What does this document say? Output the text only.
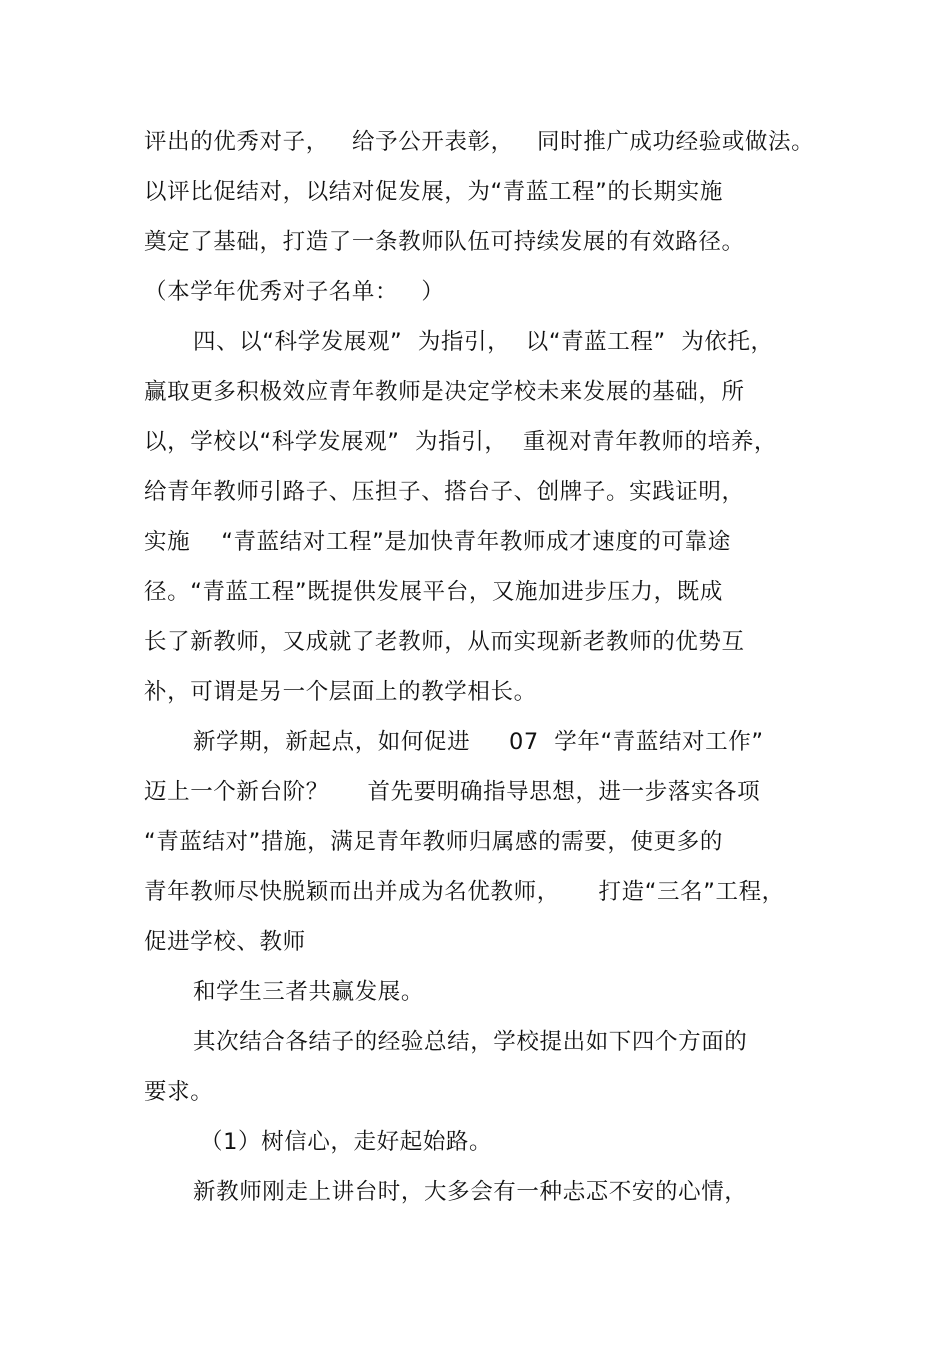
评出的优秀对子，   给予公开表彰，   同时推广成功经验或做法。
以评比促结对，以结对促发展，为“青蓝工程”的长期实施
奠定了基础，打造了一条教师队伍可持续发展的有效路径。
（本学年优秀对子名单：   ）
四、以“科学发展观”  为指引，  以“青蓝工程”  为依托，
赢取更多积极效应青年教师是决定学校未来发展的基础，所
以，学校以“科学发展观”  为指引，  重视对青年教师的培养，
给青年教师引路子、压担子、搭台子、创牌子。实践证明，
实施    “青蓝结对工程”是加快青年教师成才速度的可靠途
径。“青蓝工程”既提供发展平台，又施加进步压力，既成
长了新教师，又成就了老教师，从而实现新老教师的优势互
补，可谓是另一个层面上的教学相长。
新学期，新起点，如何促进     07  学年“青蓝结对工作”
迈上一个新台阶？     首先要明确指导思想，进一步落实各项
“青蓝结对”措施，满足青年教师归属感的需要，使更多的
青年教师尽快脱颖而出并成为名优教师，     打造“三名”工程，
促进学校、教师
和学生三者共赢发展。
其次结合各结子的经验总结，学校提出如下四个方面的
要求。
（1）树信心，走好起始路。
新教师刚走上讲台时，大多会有一种忐忑不安的心情，
